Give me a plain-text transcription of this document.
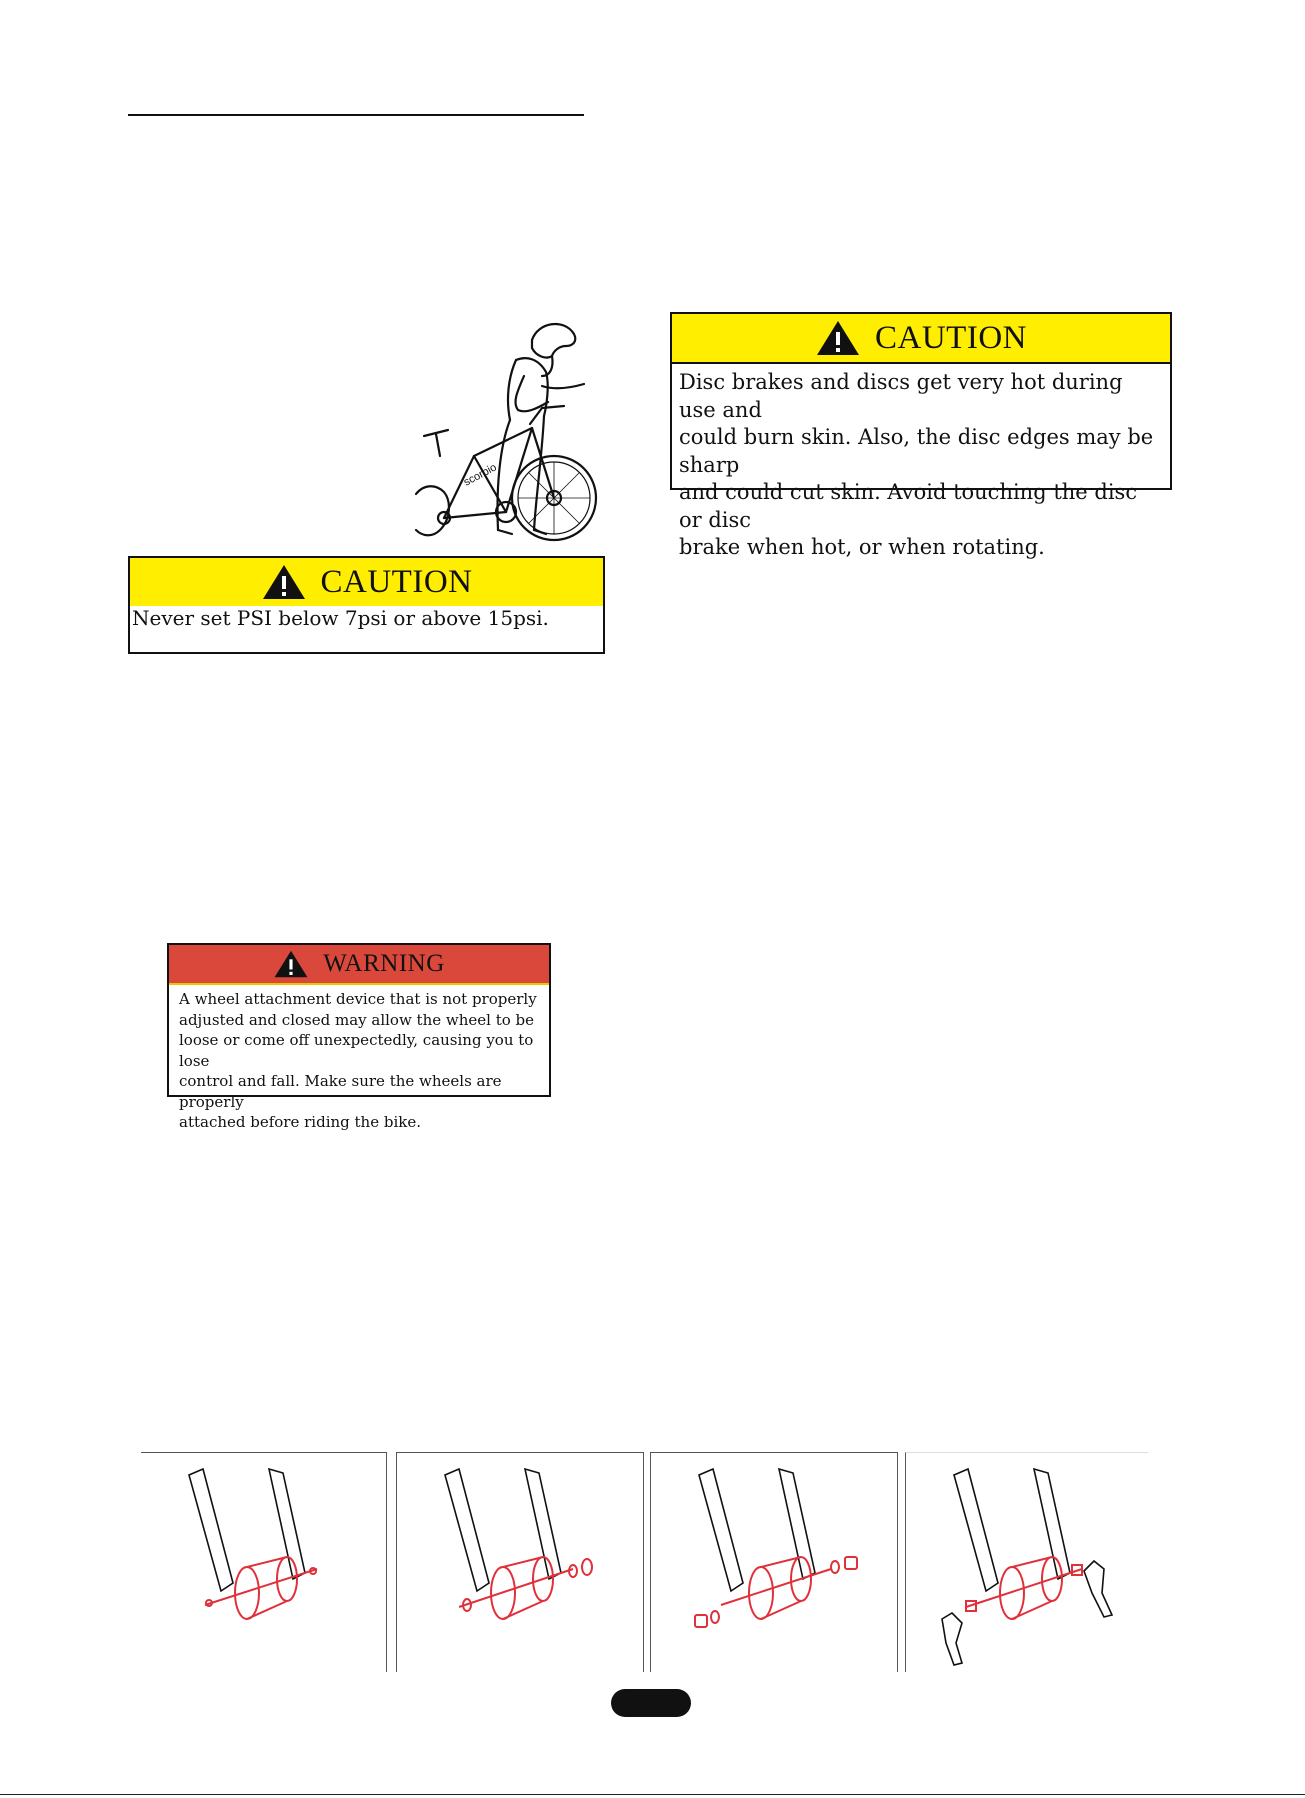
scorpio
CAUTION
Disc brakes and discs get very hot during use and
could burn skin. Also, the disc edges may be sharp
and could cut skin. Avoid touching the disc or disc
brake when hot, or when rotating.
CAUTION
Never set PSI below 7psi or above 15psi.
WARNING
A wheel attachment device that is not properly
adjusted and closed may allow the wheel to be
loose or come off unexpectedly, causing you to lose
control and fall. Make sure the wheels are properly
attached before riding the bike.
